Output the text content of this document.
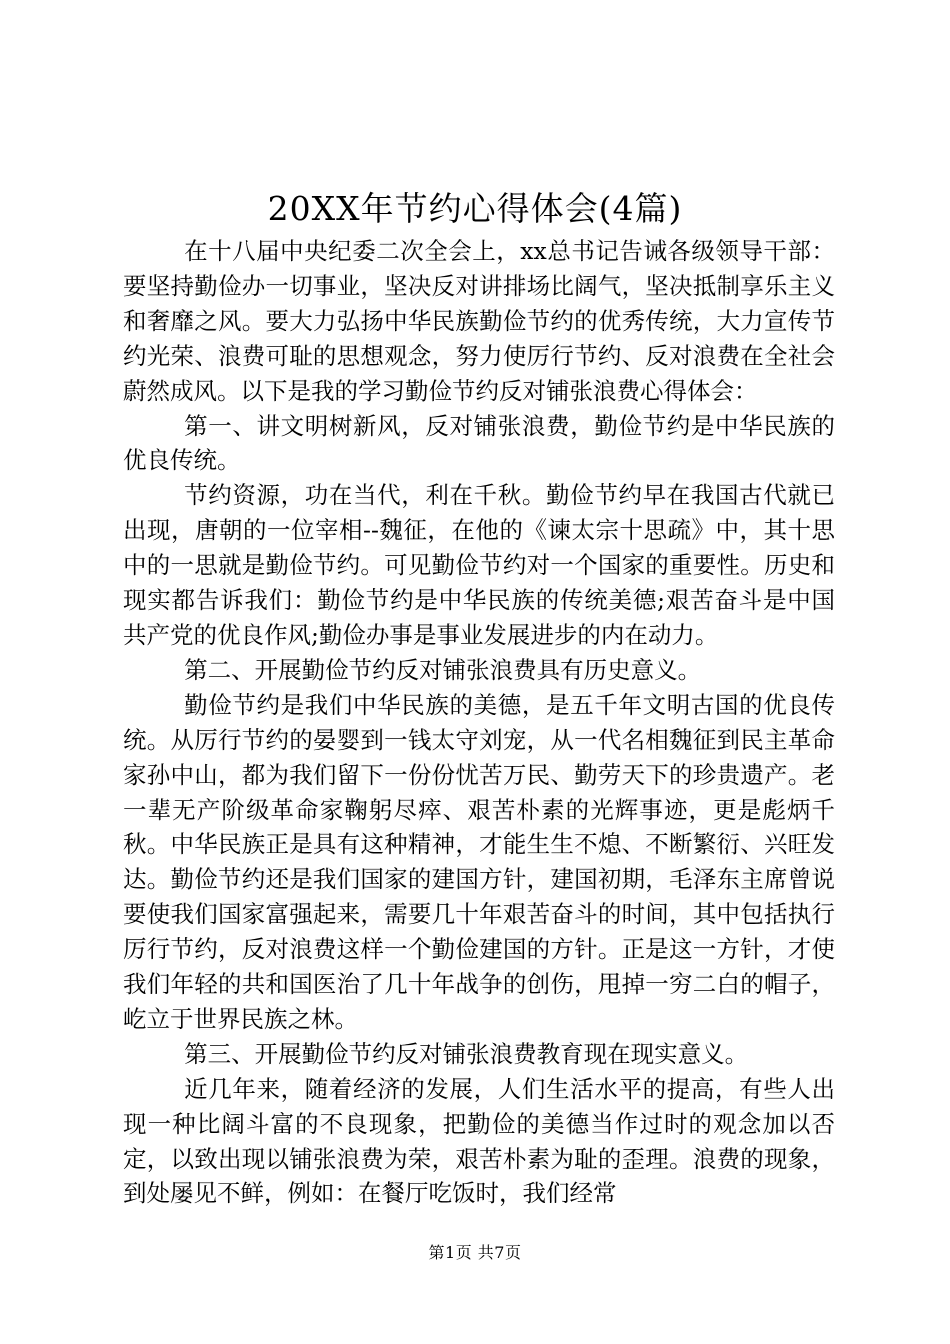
20XX年节约心得体会(4篇)

在十八届中央纪委二次全会上，xx总书记告诫各级领导干部：要坚持勤俭办一切事业，坚决反对讲排场比阔气，坚决抵制享乐主义和奢靡之风。要大力弘扬中华民族勤俭节约的优秀传统，大力宣传节约光荣、浪费可耻的思想观念，努力使厉行节约、反对浪费在全社会蔚然成风。以下是我的学习勤俭节约反对铺张浪费心得体会：

第一、讲文明树新风，反对铺张浪费，勤俭节约是中华民族的优良传统。

节约资源，功在当代，利在千秋。勤俭节约早在我国古代就已出现，唐朝的一位宰相--魏征，在他的《谏太宗十思疏》中，其十思中的一思就是勤俭节约。可见勤俭节约对一个国家的重要性。历史和现实都告诉我们：勤俭节约是中华民族的传统美德;艰苦奋斗是中国共产党的优良作风;勤俭办事是事业发展进步的内在动力。

第二、开展勤俭节约反对铺张浪费具有历史意义。

勤俭节约是我们中华民族的美德，是五千年文明古国的优良传统。从厉行节约的晏婴到一钱太守刘宠，从一代名相魏征到民主革命家孙中山，都为我们留下一份份忧苦万民、勤劳天下的珍贵遗产。老一辈无产阶级革命家鞠躬尽瘁、艰苦朴素的光辉事迹，更是彪炳千秋。中华民族正是具有这种精神，才能生生不熄、不断繁衍、兴旺发达。勤俭节约还是我们国家的建国方针，建国初期，毛泽东主席曾说要使我们国家富强起来，需要几十年艰苦奋斗的时间，其中包括执行厉行节约，反对浪费这样一个勤俭建国的方针。正是这一方针，才使我们年轻的共和国医治了几十年战争的创伤，甩掉一穷二白的帽子，屹立于世界民族之林。

第三、开展勤俭节约反对铺张浪费教育现在现实意义。

近几年来，随着经济的发展，人们生活水平的提高，有些人出现一种比阔斗富的不良现象，把勤俭的美德当作过时的观念加以否定，以致出现以铺张浪费为荣，艰苦朴素为耻的歪理。浪费的现象，到处屡见不鲜，例如：在餐厅吃饭时，我们经常

第1页 共7页
